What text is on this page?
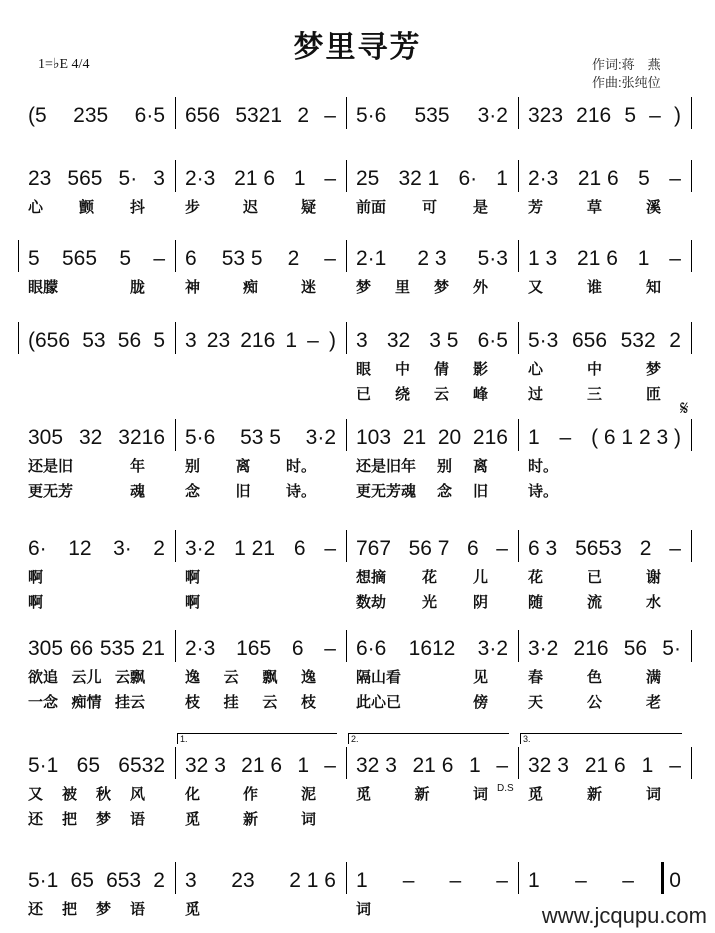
梦里寻芳
1=♭E 4/4	作词:蒋　燕
作曲:张纯位
𝄋
D.S
(5 235 6·5 656 5321 2 – 5·6 535 3·2 323 216 5 – )
23 565 5· 3
心 颤 抖
2·3 21 6 1 –
步	迟	疑
25 32 1 6· 1
前面 可 是
2·3 21 6 5 –
芳	草	溪
5 565 5 –
眼朦	胧
6 53 5 2 –
神	痴	迷
2·1 2 3 5·3
梦 里 梦 外
1 3 21 6 1 –
又	谁	知
(656 53 56 5 3 23 216 1 – ) 3 32 3 5 6·5
眼 中 倩 影
已 绕 云 峰
5·3 656 532 2
心	中	梦
过	三	匝
305 32 3216
还是旧	年
更无芳	魂
5·6 53 5 3·2
别 离 时。
念 旧 诗。
103 21 20 216
还是旧年 别 离
更无芳魂 念 旧
1 – ( 6 1 2 3 )
时。
诗。
6· 12 3· 2
啊
啊
3·2 1 21 6 –
啊
啊
767 56 7 6 –
想摘 花 儿
数劫 光 阴
6 3 5653 2 –
花	已	谢
随	流	水
305 66 535 21
欲追 云儿 云飘
一念 痴情 挂云
2·3 165 6 –
逸 云 飘 逸
枝 挂 云 枝
6·6 1612 3·2
隔山看	见
此心已	傍
3·2 216 56 5·
春	色	满
天	公	老
5·1 65 6532
又 被 秋 风
还 把 梦 语
32 3 21 6 1 –
1.
化	作	泥
觅	新	词
32 3 21 6 1 –
2.
觅	新	词
32 3 21 6 1 –
3.
觅	新	词
5·1 65 653 2
还 把 梦 语
3 23 2 1 6
觅
1 – – –
词
1 – – 0
www.jcqupu.com
